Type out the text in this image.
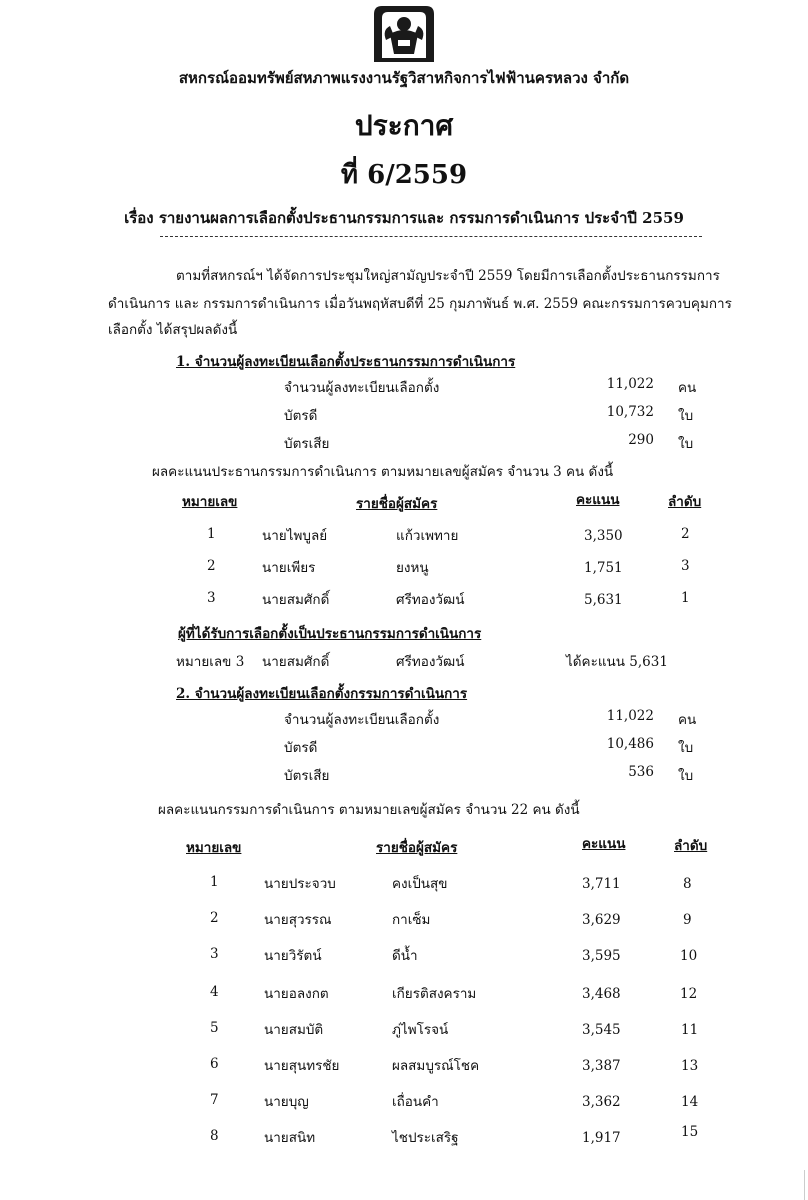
สหกรณ์ออมทรัพย์สหภาพแรงงานรัฐวิสาหกิจการไฟฟ้านครหลวง จำกัด
ประกาศ
ที่ 6/2559
เรื่อง รายงานผลการเลือกตั้งประธานกรรมการและ กรรมการดำเนินการ ประจำปี 2559
ตามที่สหกรณ์ฯ ได้จัดการประชุมใหญ่สามัญประจำปี 2559 โดยมีการเลือกตั้งประธานกรรมการ
ดำเนินการ และ กรรมการดำเนินการ เมื่อวันพฤหัสบดีที่ 25 กุมภาพันธ์ พ.ศ. 2559 คณะกรรมการควบคุมการ
เลือกตั้ง ได้สรุปผลดังนี้
1. จำนวนผู้ลงทะเบียนเลือกตั้งประธานกรรมการดำเนินการ
จำนวนผู้ลงทะเบียนเลือกตั้ง	11,022 คน
บัตรดี	10,732 ใบ
บัตรเสีย	290 ใบ
ผลคะแนนประธานกรรมการดำเนินการ ตามหมายเลขผู้สมัคร จำนวน 3 คน ดังนี้
หมายเลข	รายชื่อผู้สมัคร	คะแนน	ลำดับ
1	นายไพบูลย์	แก้วเพทาย	3,350	2
2	นายเพียร	ยงหนู	1,751	3
3	นายสมศักดิ์	ศรีทองวัฒน์	5,631	1
ผู้ที่ได้รับการเลือกตั้งเป็นประธานกรรมการดำเนินการ
หมายเลข 3 นายสมศักดิ์	ศรีทองวัฒน์	ได้คะแนน 5,631
2. จำนวนผู้ลงทะเบียนเลือกตั้งกรรมการดำเนินการ
จำนวนผู้ลงทะเบียนเลือกตั้ง	11,022 คน
บัตรดี	10,486 ใบ
บัตรเสีย	536 ใบ
ผลคะแนนกรรมการดำเนินการ ตามหมายเลขผู้สมัคร จำนวน 22 คน ดังนี้
หมายเลข	รายชื่อผู้สมัคร	คะแนน	ลำดับ
1	นายประจวบ	คงเป็นสุข	3,711	8
2	นายสุวรรณ	กาเซ็ม	3,629	9
3	นายวิรัตน์	ดีน้ำ	3,595	10
4	นายอลงกต	เกียรติสงคราม	3,468	12
5	นายสมบัติ	ภู่ไพโรจน์	3,545	11
6	นายสุนทรชัย	ผลสมบูรณ์โชค	3,387	13
7	นายบุญ	เถื่อนคำ	3,362	14
8	นายสนิท	ไชประเสริฐ	1,917	15
